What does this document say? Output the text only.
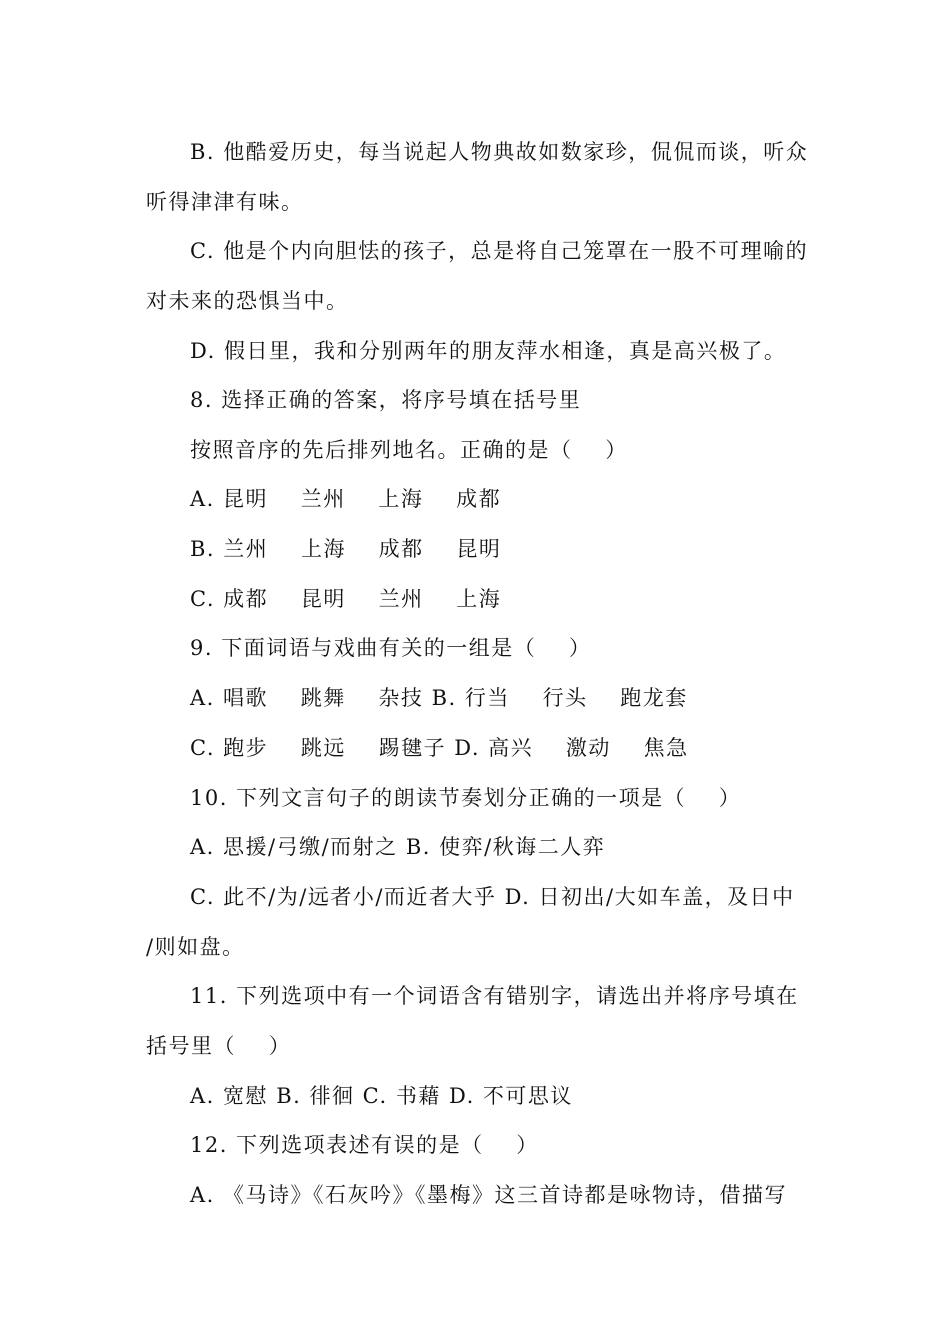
B. 他酷爱历史，每当说起人物典故如数家珍，侃侃而谈，听众
听得津津有味。
C. 他是个内向胆怯的孩子，总是将自己笼罩在一股不可理喻的
对未来的恐惧当中。
D. 假日里，我和分别两年的朋友萍水相逢，真是高兴极了。
8. 选择正确的答案，将序号填在括号里
按照音序的先后排列地名。正确的是（    ）
A. 昆明    兰州    上海    成都
B. 兰州    上海    成都    昆明
C. 成都    昆明    兰州    上海
9. 下面词语与戏曲有关的一组是（    ）
A. 唱歌    跳舞    杂技 B. 行当    行头    跑龙套
C. 跑步    跳远    踢毽子 D. 高兴    激动    焦急
10. 下列文言句子的朗读节奏划分正确的一项是（    ）
A. 思援/弓缴/而射之 B. 使弈/秋诲二人弈
C. 此不/为/远者小/而近者大乎 D. 日初出/大如车盖，及日中
/则如盘。
11. 下列选项中有一个词语含有错别字，请选出并将序号填在
括号里（    ）
A. 宽慰 B. 徘徊 C. 书藉 D. 不可思议
12. 下列选项表述有误的是（    ）
A. 《马诗》《石灰吟》《墨梅》这三首诗都是咏物诗，借描写
